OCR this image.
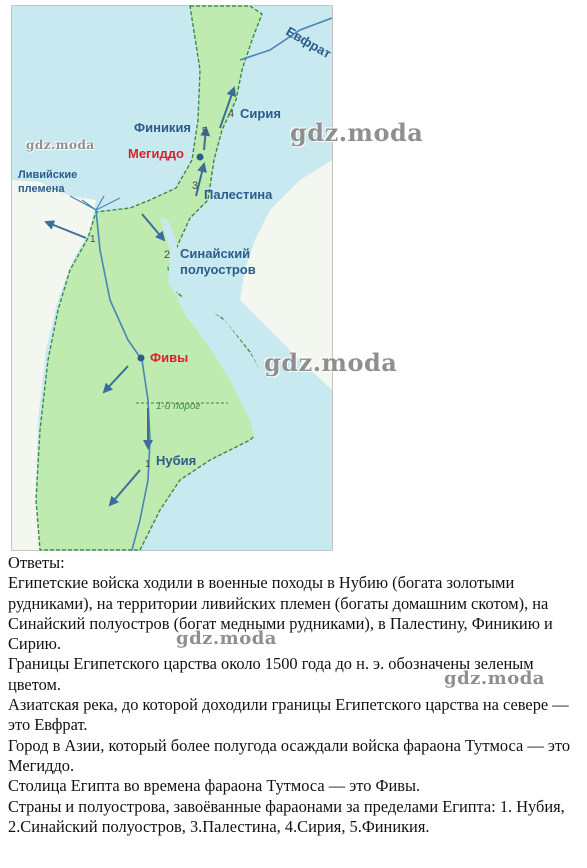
Евфрат
4 Сирия
Финикия 5
Мегиддо
Ливийские
племена	3
Палестина
1
2 Синайский
полуостров
Фивы
1-й порог
1 Нубия
gdz.moda	gdz.moda
gdz.moda
gdz.moda
gdz.moda

Ответы:

Египетские войска ходили в военные походы в Нубию (богата золотыми рудниками), на территории ливийских племен (богаты домашним скотом), на Синайский полуостров (богат медными рудниками), в Палестину, Финикию и Сирию.

Границы Египетского царства около 1500 года до н. э. обозначены зеленым цветом.

Азиатская река, до которой доходили границы Египетского царства на севере — это Евфрат.

Город в Азии, который более полугода осаждали войска фараона Тутмоса — это Мегиддо.

Столица Египта во времена фараона Тутмоса — это Фивы.

Страны и полуострова, завоёванные фараонами за пределами Египта: 1. Нубия, 2.Синайский полуостров, 3.Палестина, 4.Сирия, 5.Финикия.
